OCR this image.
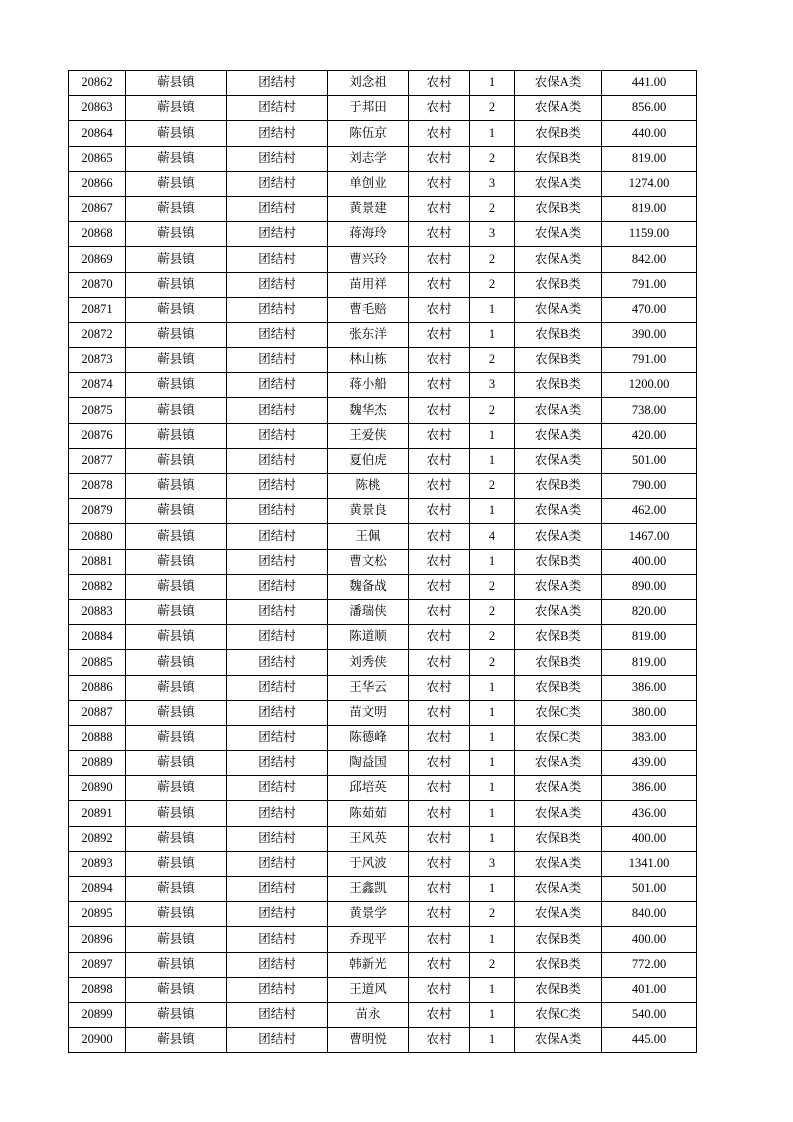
20862	蕲县镇	团结村	刘念祖	农村	1	农保A类	441.00
20863	蕲县镇	团结村	于邦田	农村	2	农保A类	856.00
20864	蕲县镇	团结村	陈伍京	农村	1	农保B类	440.00
20865	蕲县镇	团结村	刘志学	农村	2	农保B类	819.00
20866	蕲县镇	团结村	单创业	农村	3	农保A类	1274.00
20867	蕲县镇	团结村	黄景建	农村	2	农保B类	819.00
20868	蕲县镇	团结村	蒋海玲	农村	3	农保A类	1159.00
20869	蕲县镇	团结村	曹兴玲	农村	2	农保A类	842.00
20870	蕲县镇	团结村	苗用祥	农村	2	农保B类	791.00
20871	蕲县镇	团结村	曹毛赔	农村	1	农保A类	470.00
20872	蕲县镇	团结村	张东洋	农村	1	农保B类	390.00
20873	蕲县镇	团结村	林山栋	农村	2	农保B类	791.00
20874	蕲县镇	团结村	蒋小船	农村	3	农保B类	1200.00
20875	蕲县镇	团结村	魏华杰	农村	2	农保A类	738.00
20876	蕲县镇	团结村	王爱侠	农村	1	农保A类	420.00
20877	蕲县镇	团结村	夏伯虎	农村	1	农保A类	501.00
20878	蕲县镇	团结村	陈桃	农村	2	农保B类	790.00
20879	蕲县镇	团结村	黄景良	农村	1	农保A类	462.00
20880	蕲县镇	团结村	王佩	农村	4	农保A类	1467.00
20881	蕲县镇	团结村	曹文松	农村	1	农保B类	400.00
20882	蕲县镇	团结村	魏备战	农村	2	农保A类	890.00
20883	蕲县镇	团结村	潘瑞侠	农村	2	农保A类	820.00
20884	蕲县镇	团结村	陈道顺	农村	2	农保B类	819.00
20885	蕲县镇	团结村	刘秀侠	农村	2	农保B类	819.00
20886	蕲县镇	团结村	王华云	农村	1	农保B类	386.00
20887	蕲县镇	团结村	苗文明	农村	1	农保C类	380.00
20888	蕲县镇	团结村	陈德峰	农村	1	农保C类	383.00
20889	蕲县镇	团结村	陶益国	农村	1	农保A类	439.00
20890	蕲县镇	团结村	邱培英	农村	1	农保A类	386.00
20891	蕲县镇	团结村	陈茹茹	农村	1	农保A类	436.00
20892	蕲县镇	团结村	王风英	农村	1	农保B类	400.00
20893	蕲县镇	团结村	于风波	农村	3	农保A类	1341.00
20894	蕲县镇	团结村	王鑫凯	农村	1	农保A类	501.00
20895	蕲县镇	团结村	黄景学	农村	2	农保A类	840.00
20896	蕲县镇	团结村	乔现平	农村	1	农保B类	400.00
20897	蕲县镇	团结村	韩新光	农村	2	农保B类	772.00
20898	蕲县镇	团结村	王道风	农村	1	农保B类	401.00
20899	蕲县镇	团结村	苗永	农村	1	农保C类	540.00
20900	蕲县镇	团结村	曹明悦	农村	1	农保A类	445.00
